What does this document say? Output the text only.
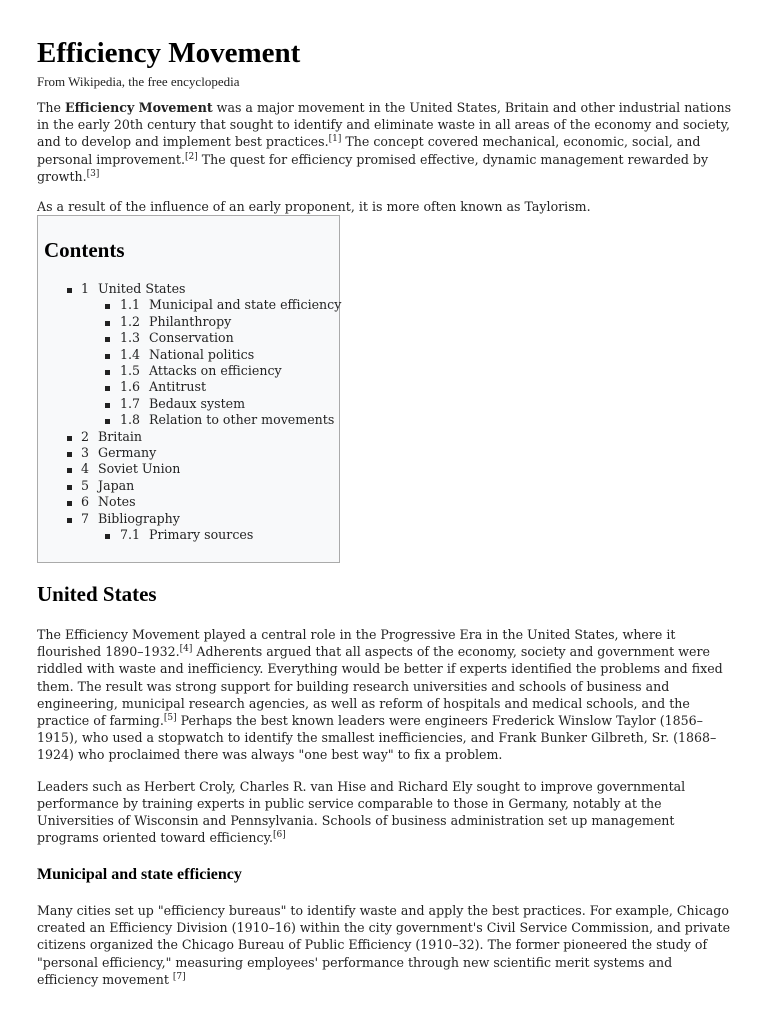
Efficiency Movement
From Wikipedia, the free encyclopedia

The Efficiency Movement was a major movement in the United States, Britain and other industrial nations in the early 20th century that sought to identify and eliminate waste in all areas of the economy and society, and to develop and implement best practices.[1] The concept covered mechanical, economic, social, and personal improvement.[2] The quest for efficiency promised effective, dynamic management rewarded by growth.[3]

As a result of the influence of an early proponent, it is more often known as Taylorism.

Contents
1 United States
1.1 Municipal and state efficiency
1.2 Philanthropy
1.3 Conservation
1.4 National politics
1.5 Attacks on efficiency
1.6 Antitrust
1.7 Bedaux system
1.8 Relation to other movements
2 Britain
3 Germany
4 Soviet Union
5 Japan
6 Notes
7 Bibliography
7.1 Primary sources
United States

The Efficiency Movement played a central role in the Progressive Era in the United States, where it flourished 1890–1932.[4] Adherents argued that all aspects of the economy, society and government were riddled with waste and inefficiency. Everything would be better if experts identified the problems and fixed them. The result was strong support for building research universities and schools of business and engineering, municipal research agencies, as well as reform of hospitals and medical schools, and the practice of farming.[5] Perhaps the best known leaders were engineers Frederick Winslow Taylor (1856–1915), who used a stopwatch to identify the smallest inefficiencies, and Frank Bunker Gilbreth, Sr. (1868–1924) who proclaimed there was always "one best way" to fix a problem.

Leaders such as Herbert Croly, Charles R. van Hise and Richard Ely sought to improve governmental performance by training experts in public service comparable to those in Germany, notably at the Universities of Wisconsin and Pennsylvania. Schools of business administration set up management programs oriented toward efficiency.[6]

Municipal and state efficiency

Many cities set up "efficiency bureaus" to identify waste and apply the best practices. For example, Chicago created an Efficiency Division (1910–16) within the city government's Civil Service Commission, and private citizens organized the Chicago Bureau of Public Efficiency (1910–32). The former pioneered the study of "personal efficiency," measuring employees' performance through new scientific merit systems and efficiency movement [7]
